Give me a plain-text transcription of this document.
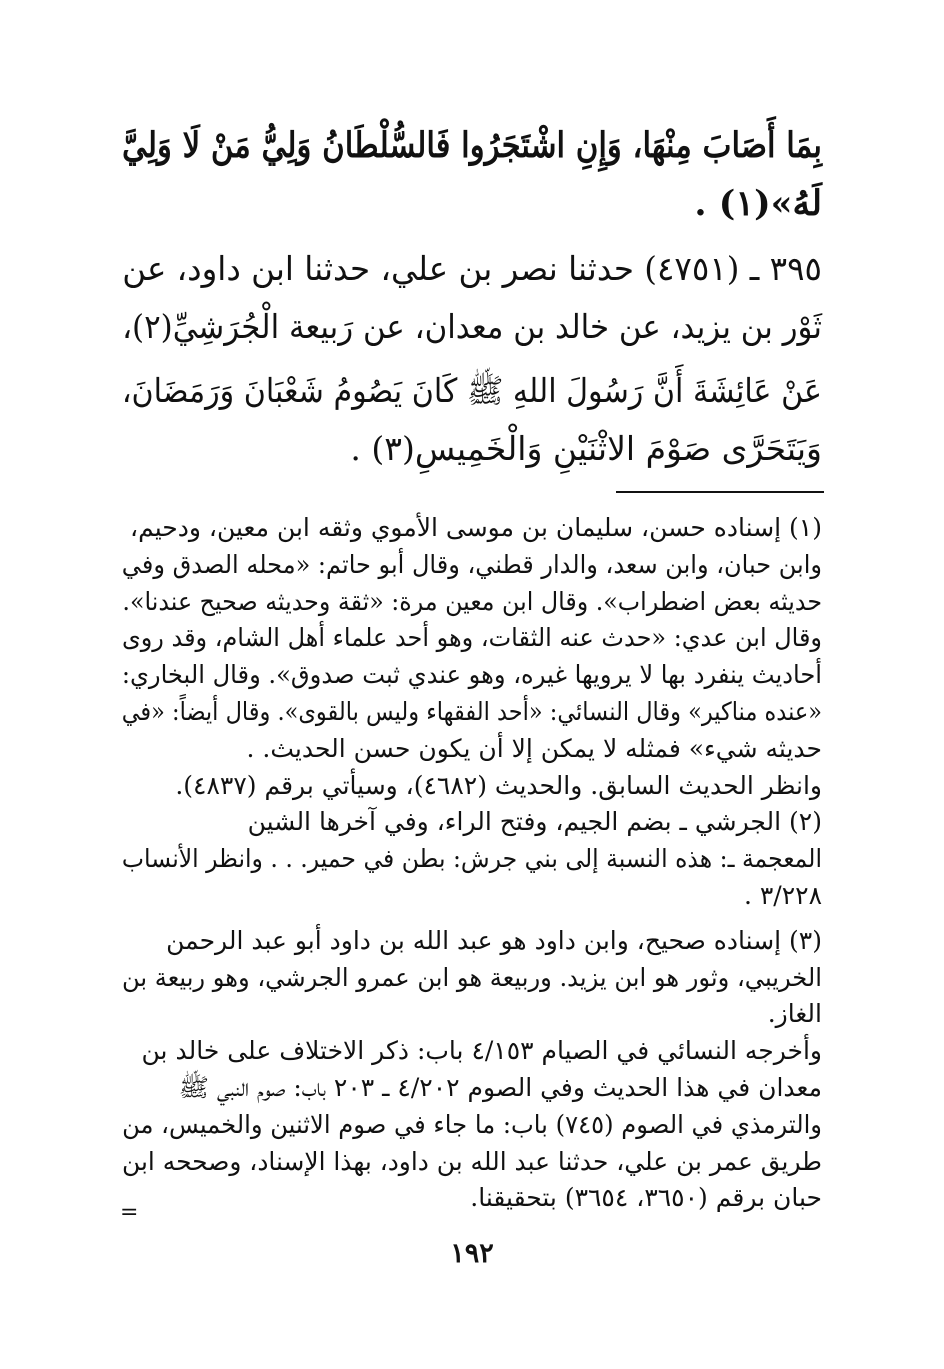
بِمَا أَصَابَ مِنْهَا، وَإِنِ اشْتَجَرُوا فَالسُّلْطَانُ وَلِيُّ مَنْ لَا وَلِيَّ
لَهُ»(١) .
٣٩٥ ـ (٤٧٥١) حدثنا نصر بن علي، حدثنا ابن داود، عن
ثَوْر بن يزيد، عن خالد بن معدان، عن رَبيعة الْجُرَشِيِّ(٢)،
عَنْ عَائِشَةَ أَنَّ رَسُولَ اللهِ ﷺ كَانَ يَصُومُ شَعْبَانَ وَرَمَضَانَ،
وَيَتَحَرَّى صَوْمَ الاثْنَيْنِ وَالْخَمِيسِ(٣) .
(١) إسناده حسن، سليمان بن موسى الأموي وثقه ابن معين، ودحيم،
وابن حبان، وابن سعد، والدار قطني، وقال أبو حاتم: «محله الصدق وفي
حديثه بعض اضطراب». وقال ابن معين مرة: «ثقة وحديثه صحيح عندنا».
وقال ابن عدي: «حدث عنه الثقات، وهو أحد علماء أهل الشام، وقد روى
أحاديث ينفرد بها لا يرويها غيره، وهو عندي ثبت صدوق». وقال البخاري:
«عنده مناكير» وقال النسائي: «أحد الفقهاء وليس بالقوى». وقال أيضاً: «في
حديثه شيء» فمثله لا يمكن إلا أن يكون حسن الحديث. .
وانظر الحديث السابق. والحديث (٤٦٨٢)، وسيأتي برقم (٤٨٣٧).
(٢) الجرشي ـ بضم الجيم، وفتح الراء، وفي آخرها الشين
المعجمة ـ: هذه النسبة إلى بني جرش: بطن في حمير. . . وانظر الأنساب
٣/٢٢٨ .
(٣) إسناده صحيح، وابن داود هو عبد الله بن داود أبو عبد الرحمن
الخريبي، وثور هو ابن يزيد. وربيعة هو ابن عمرو الجرشي، وهو ربيعة بن
الغاز.
وأخرجه النسائي في الصيام ٤/١٥٣ باب: ذكر الاختلاف على خالد بن
معدان في هذا الحديث وفي الصوم ٤/٢٠٢ ـ ٢٠٣ باب: صوم النبي ﷺ
والترمذي في الصوم (٧٤٥) باب: ما جاء في صوم الاثنين والخميس، من
طريق عمر بن علي، حدثنا عبد الله بن داود، بهذا الإسناد، وصححه ابن
حبان برقم (٣٦٥٠، ٣٦٥٤) بتحقيقنا.
=
١٩٢
